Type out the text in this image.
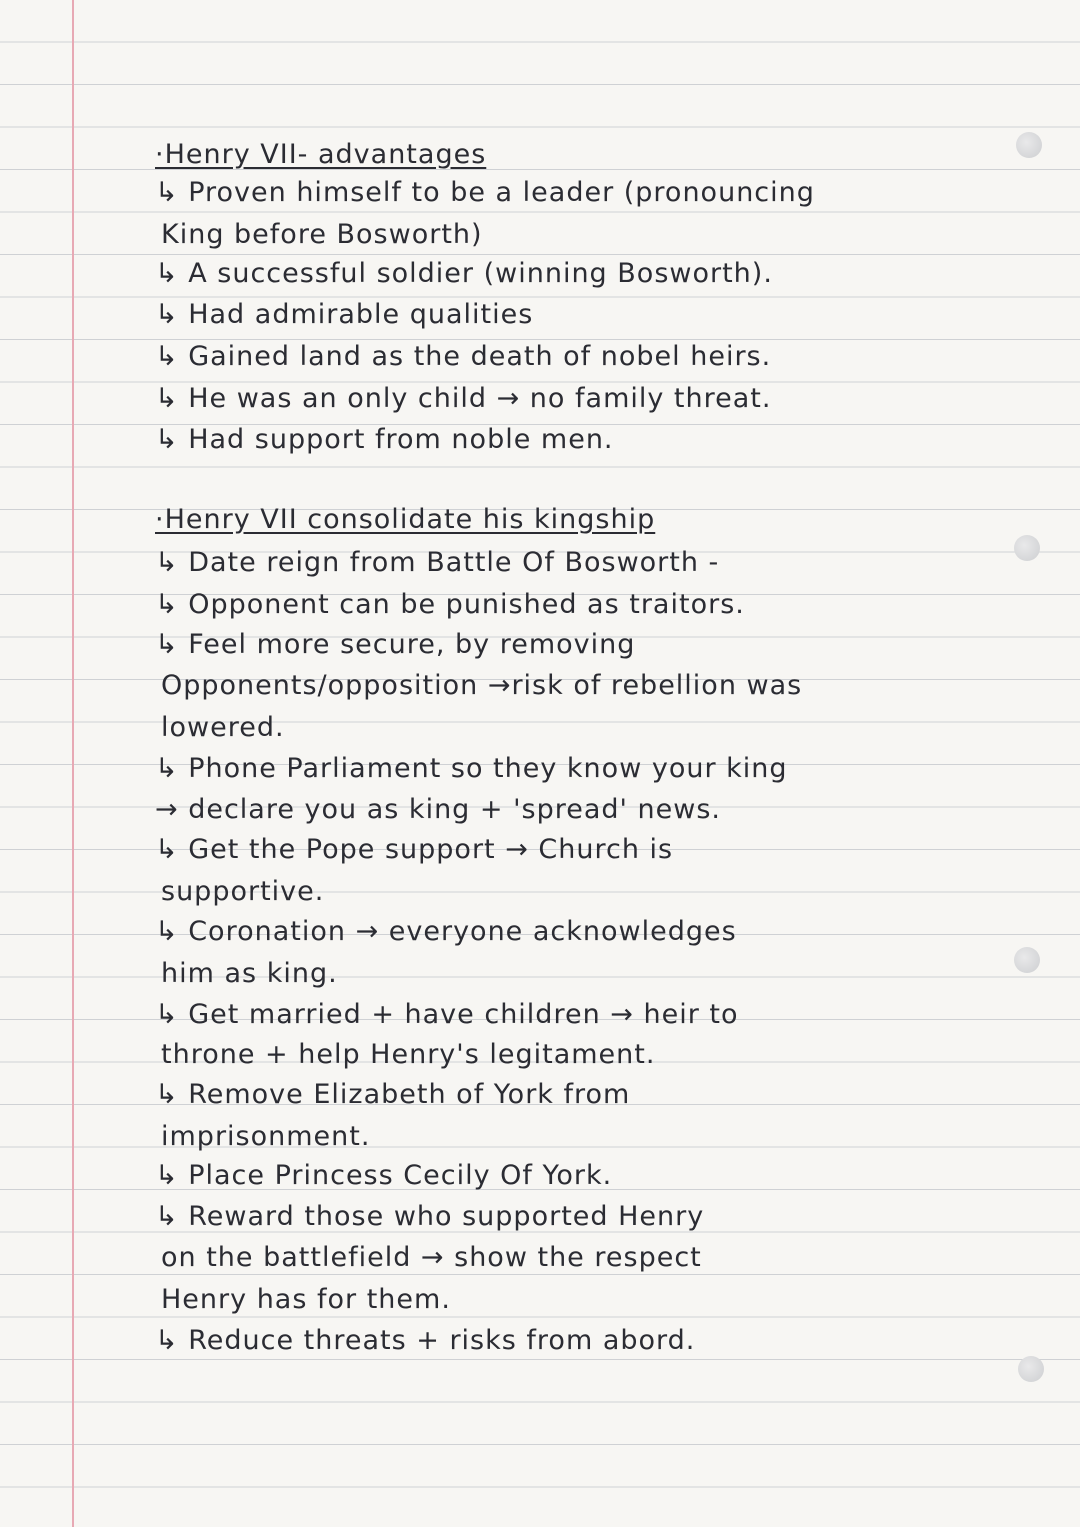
·Henry VII- advantages
↳ Proven himself to be a leader (pronouncing
King before Bosworth)
↳ A successful soldier (winning Bosworth).
↳ Had admirable qualities
↳ Gained land as the death of nobel heirs.
↳ He was an only child → no family threat.
↳ Had support from noble men.
·Henry VII consolidate his kingship
↳ Date reign from Battle Of Bosworth -
↳ Opponent can be punished as traitors.
↳ Feel more secure, by removing
Opponents/opposition →risk of rebellion was
lowered.
↳ Phone Parliament so they know your king
→ declare you as king + 'spread' news.
↳ Get the Pope support → Church is
supportive.
↳ Coronation → everyone acknowledges
him as king.
↳ Get married + have children → heir to
throne + help Henry's legitament.
↳ Remove Elizabeth of York from
imprisonment.
↳ Place Princess Cecily Of York.
↳ Reward those who supported Henry
on the battlefield → show the respect
Henry has for them.
↳ Reduce threats + risks from abord.
